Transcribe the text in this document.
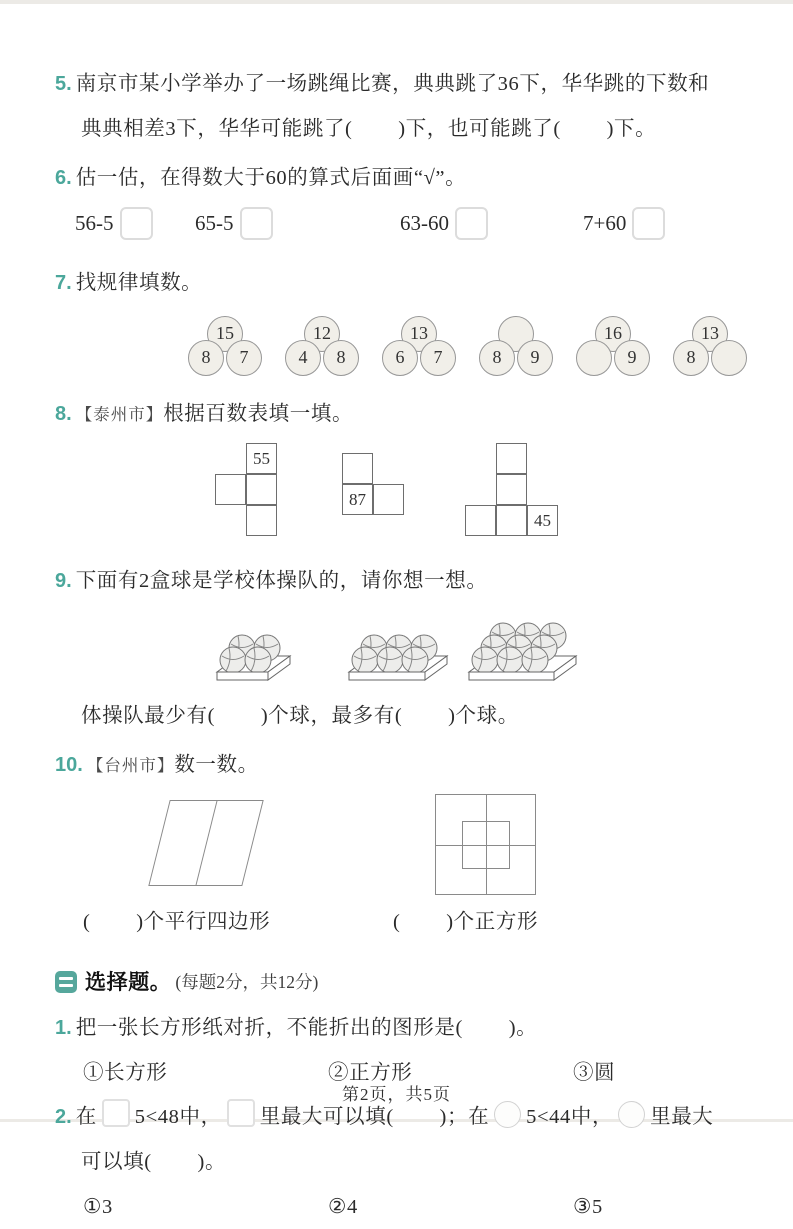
5. 南京市某小学举办了一场跳绳比赛，典典跳了36下，华华跳的下数和
典典相差3下，华华可能跳了(        )下，也可能跳了(        )下。
6. 估一估，在得数大于60的算式后面画“√”。
56-5	65-5	63-60	7+60
7. 找规律填数。
15
8	7
12
4	8
13
6	7	8	9
16
9
13
8
8. 【泰州市】根据百数表填一填。
55
87
45
9. 下面有2盒球是学校体操队的，请你想一想。
体操队最少有(        )个球，最多有(        )个球。
10. 【台州市】数一数。
(        )个平行四边形	(        )个正方形
选择题。 (每题2分，共12分)
1. 把一张长方形纸对折，不能折出的图形是(        )。
①长方形	②正方形	③圆
2. 在 5<48中， 里最大可以填(        )；在 5<44中， 里最大
可以填(        )。
①3	②4	③5
第2页，共5页
